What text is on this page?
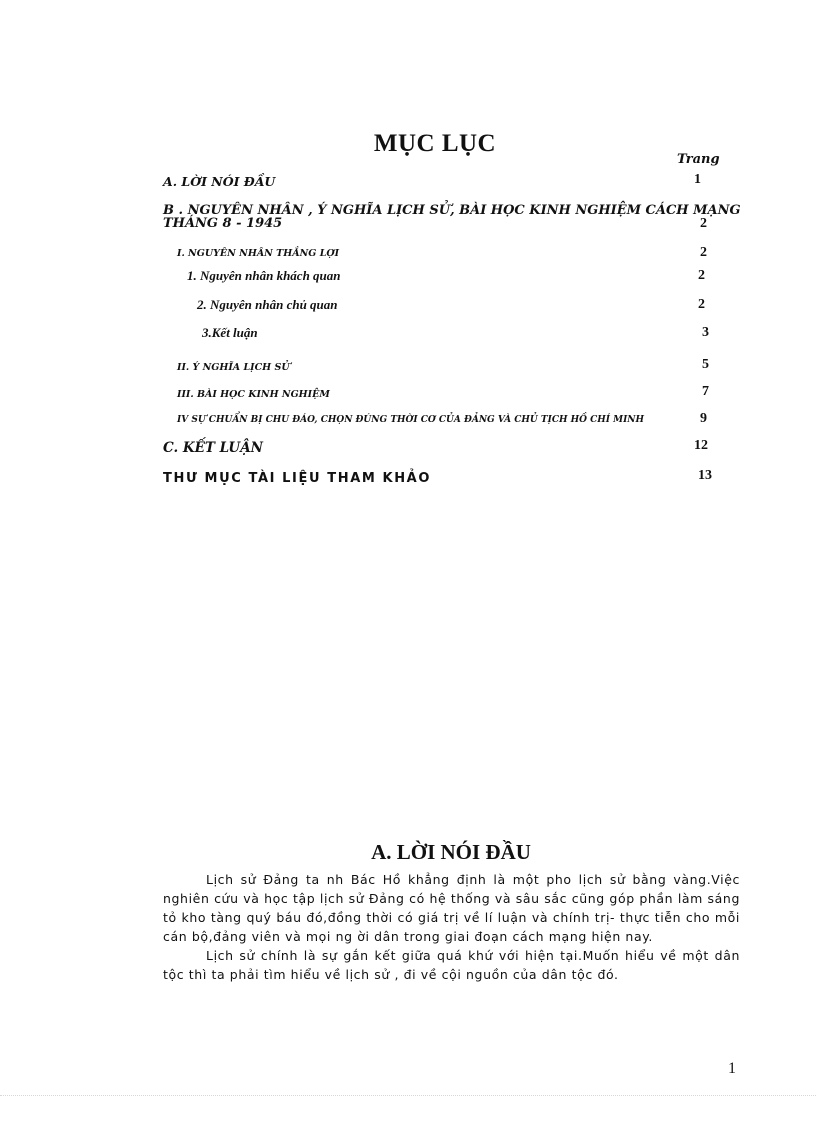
MỤC LỤC
Trang
A. LỜI NÓI ĐẦU	1
B . NGUYÊN NHÂN , Ý NGHĨA LỊCH SỬ, BÀI HỌC KINH NGHIỆM CÁCH MẠNG
THÁNG 8 - 1945	2
I. NGUYÊN NHÂN THẮNG LỢI	2
1. Nguyên nhân khách quan	2
2. Nguyên nhân chủ quan	2
3.Kết luận	3
II. Ý NGHĨA LỊCH SỬ	5
III. BÀI HỌC KINH NGHIỆM	7
IV SỰ CHUẨN BỊ CHU ĐÁO, CHỌN ĐÚNG THỜI CƠ CỦA ĐẢNG VÀ CHỦ TỊCH HỒ CHÍ MINH	9
C. KẾT LUẬN	12
THƯ MỤC TÀI LIỆU THAM KHẢO	13
A. LỜI NÓI ĐẦU

Lịch sử Đảng ta nh Bác Hồ khẳng định là một pho lịch sử bằng vàng.Việc nghiên cứu và học tập lịch sử Đảng có hệ thống và sâu sắc cũng góp phần làm sáng tỏ kho tàng quý báu đó,đồng thời có giá trị về lí luận và chính trị- thực tiễn cho mỗi cán bộ,đảng viên và mọi ng ời dân trong giai đoạn cách mạng hiện nay.

Lịch sử chính là sự gắn kết giữa quá khứ với hiện tại.Muốn hiểu về một dân tộc thì ta phải tìm hiểu về lịch sử , đi về cội nguồn của dân tộc đó.

1
